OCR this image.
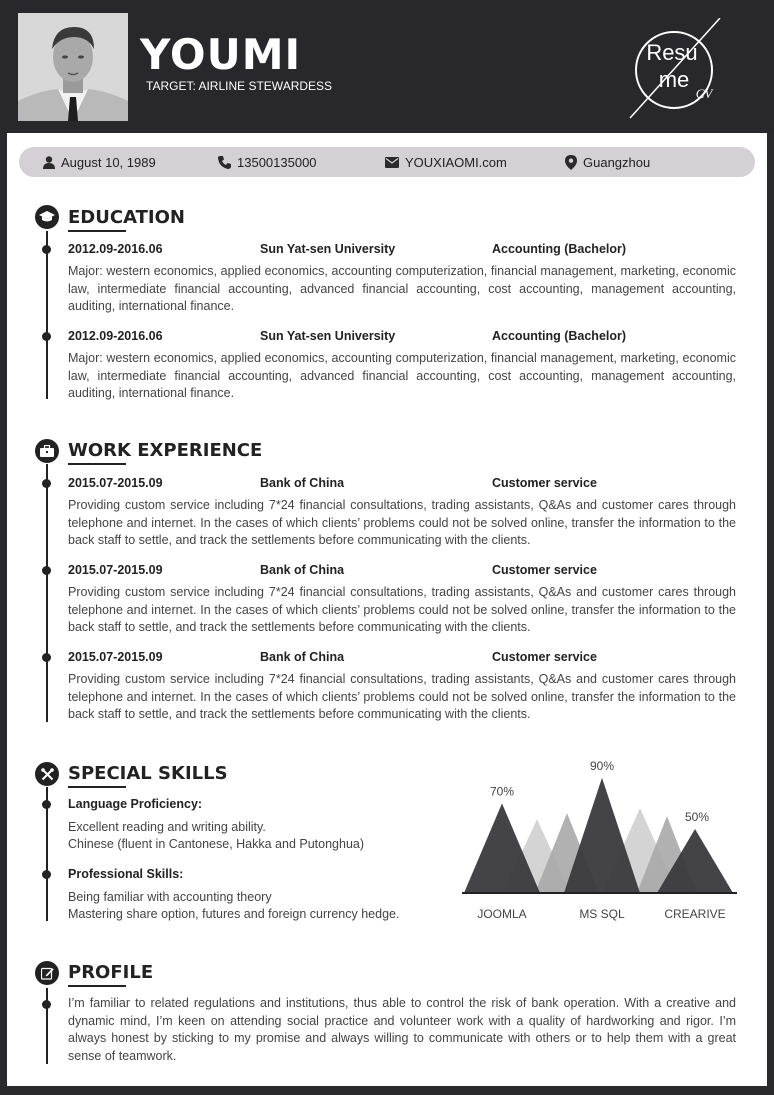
YOUMI
TARGET: AIRLINE STEWARDESS
Resu
me
CV
August 10, 1989	13500135000	YOUXIAOMI.com	Guangzhou
EDUCATION
2012.09-2016.06	Sun Yat-sen University	Accounting (Bachelor)
Major: western economics, applied economics, accounting computerization, financial management, marketing, economic law, intermediate financial accounting, advanced financial accounting, cost accounting, management accounting, auditing, international finance.
2012.09-2016.06	Sun Yat-sen University	Accounting (Bachelor)
Major: western economics, applied economics, accounting computerization, financial management, marketing, economic law, intermediate financial accounting, advanced financial accounting, cost accounting, management accounting, auditing, international finance.
WORK EXPERIENCE
2015.07-2015.09	Bank of China	Customer service
Providing custom service including 7*24 financial consultations, trading assistants, Q&As and customer cares through telephone and internet. In the cases of which clients’ problems could not be solved online, transfer the information to the back staff to settle, and track the settlements before communicating with the clients.
2015.07-2015.09	Bank of China	Customer service
Providing custom service including 7*24 financial consultations, trading assistants, Q&As and customer cares through telephone and internet. In the cases of which clients’ problems could not be solved online, transfer the information to the back staff to settle, and track the settlements before communicating with the clients.
2015.07-2015.09	Bank of China	Customer service
Providing custom service including 7*24 financial consultations, trading assistants, Q&As and customer cares through telephone and internet. In the cases of which clients’ problems could not be solved online, transfer the information to the back staff to settle, and track the settlements before communicating with the clients.
SPECIAL SKILLS
Language Proficiency:
Excellent reading and writing ability.
Chinese (fluent in Cantonese, Hakka and Putonghua)
Professional Skills:
Being familiar with accounting theory
Mastering share option, futures and foreign currency hedge.
70%
JOOMLA
90%
MS SQL
50%
CREARIVE
PROFILE
I’m familiar to related regulations and institutions, thus able to control the risk of bank operation. With a creative and dynamic mind, I’m keen on attending social practice and volunteer work with a quality of hardworking and rigor. I’m always honest by sticking to my promise and always willing to communicate with others or to help them with a great sense of teamwork.
